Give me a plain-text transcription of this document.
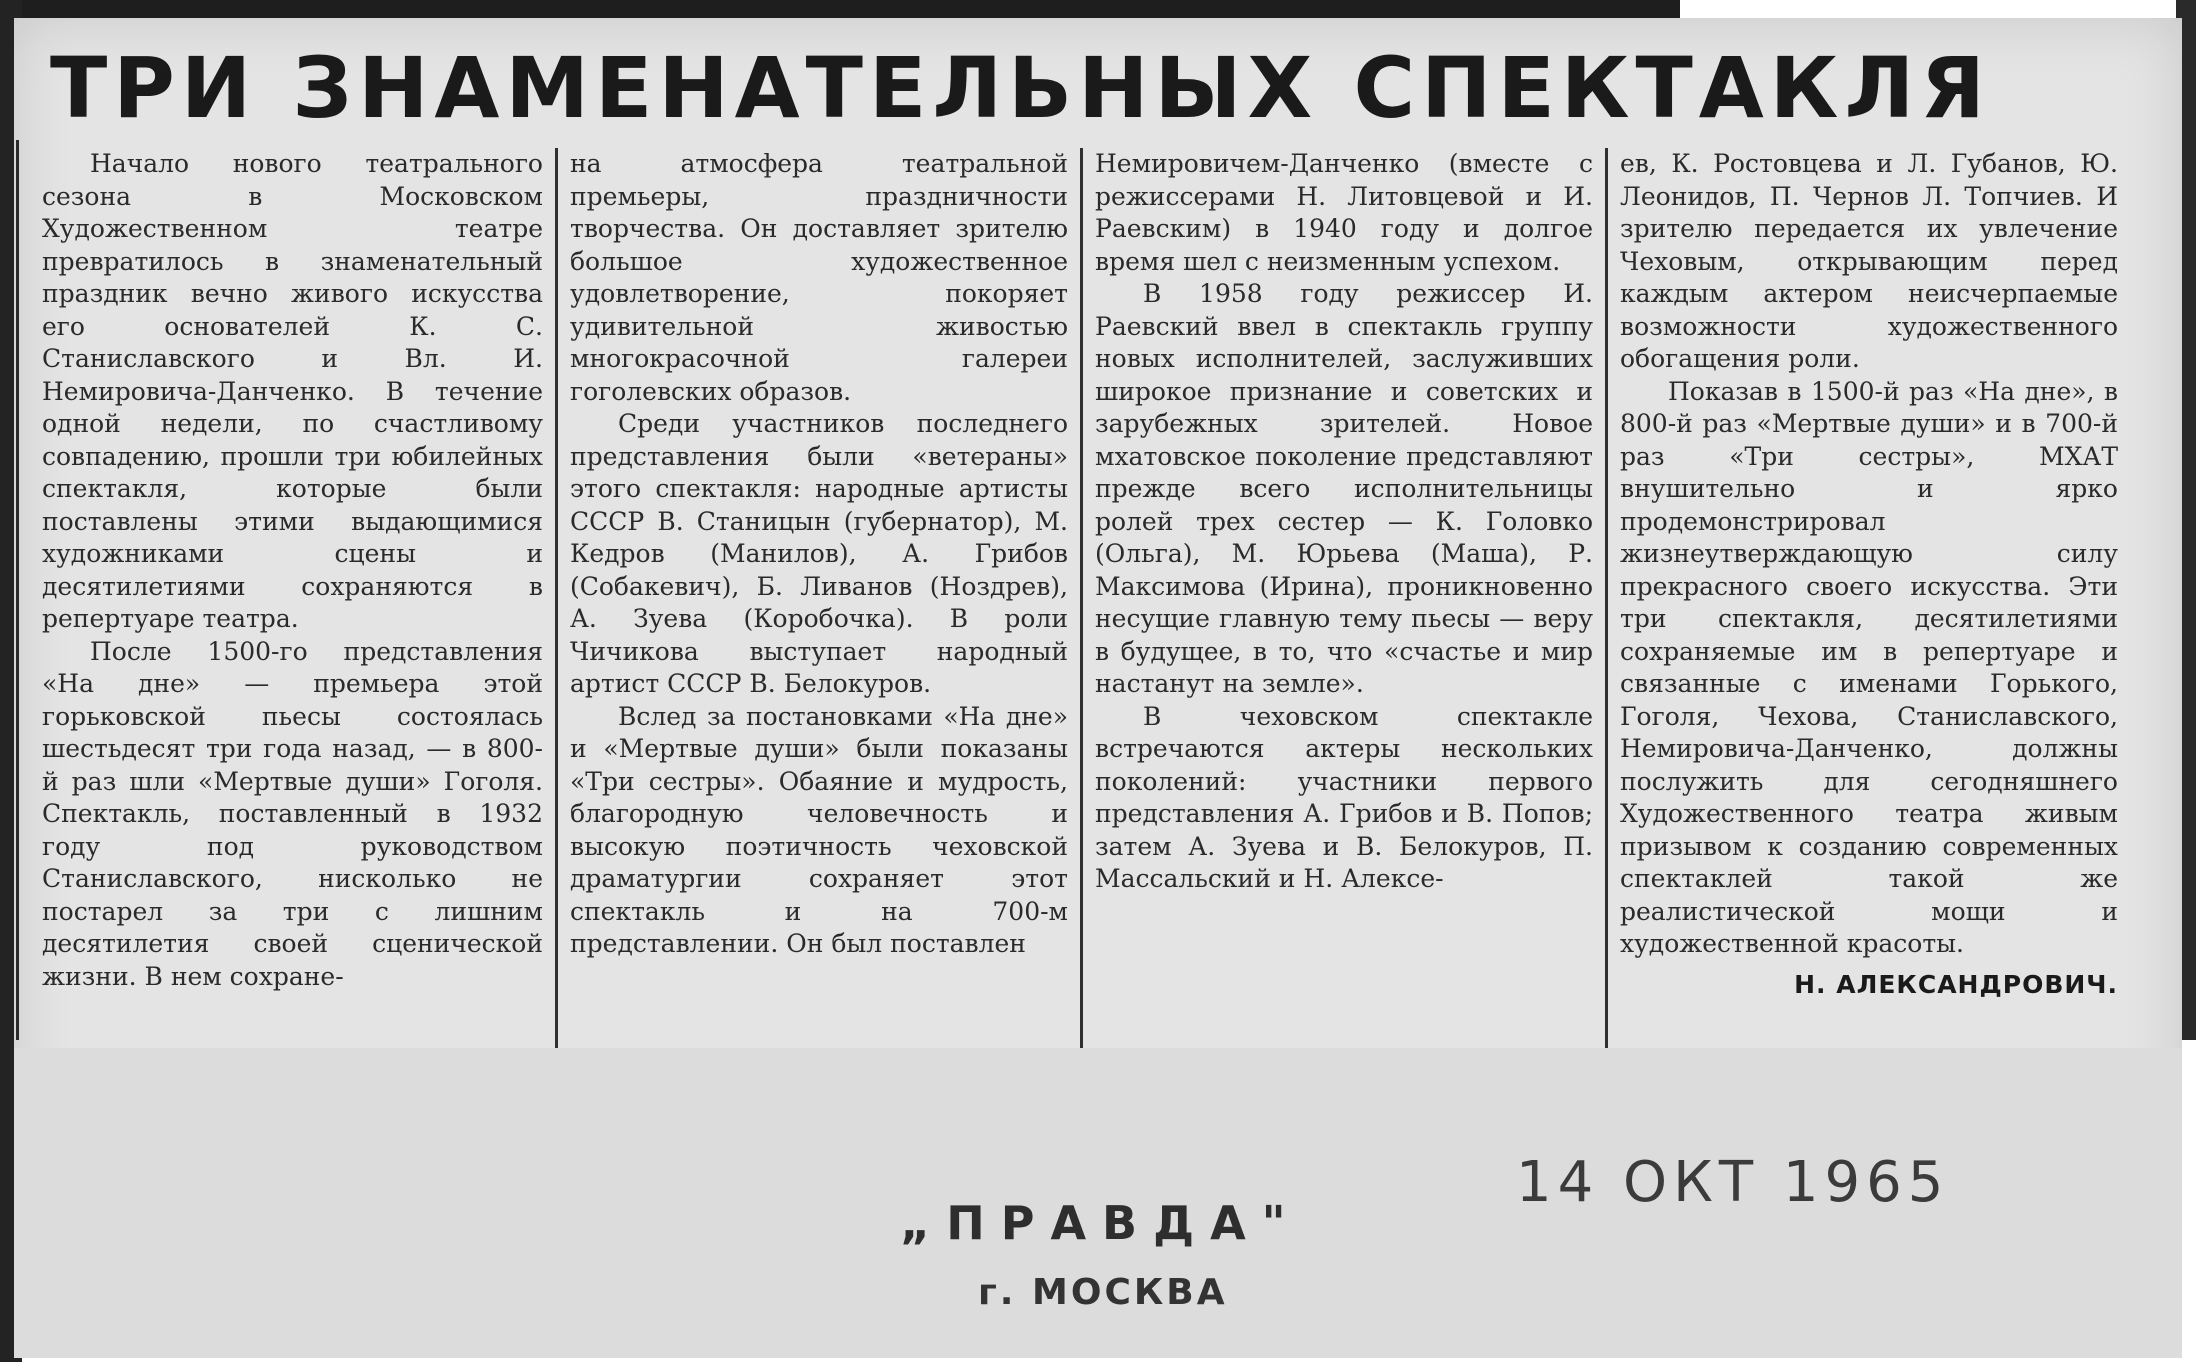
ТРИ ЗНАМЕНАТЕЛЬНЫХ СПЕКТАКЛЯ

Начало нового театрального сезона в Московском Художественном театре превратилось в знаменательный праздник вечно живого искусства его основателей К. С. Станиславского и Вл. И. Немировича-Данченко. В течение одной недели, по счастливому совпадению, прошли три юбилейных спектакля, которые были поставлены этими выдающимися художниками сцены и десятилетиями сохраняются в репертуаре театра.

После 1500-го представления «На дне» — премьера этой горьковской пьесы состоялась шестьдесят три года назад, — в 800-й раз шли «Мертвые души» Гоголя. Спектакль, поставленный в 1932 году под руководством Станиславского, нисколько не постарел за три с лишним десятилетия своей сценической жизни. В нем сохране-

на атмосфера театральной премьеры, праздничности творчества. Он доставляет зрителю большое художественное удовлетворение, покоряет удивительной живостью многокрасочной галереи гоголевских образов.

Среди участников последнего представления были «ветераны» этого спектакля: народные артисты СССР В. Станицын (губернатор), М. Кедров (Манилов), А. Грибов (Собакевич), Б. Ливанов (Ноздрев), А. Зуева (Коробочка). В роли Чичикова выступает народный артист СССР В. Белокуров.

Вслед за постановками «На дне» и «Мертвые души» были показаны «Три сестры». Обаяние и мудрость, благородную человечность и высокую поэтичность чеховской драматургии сохраняет этот спектакль и на 700-м представлении. Он был поставлен

Немировичем-Данченко (вместе с режиссерами Н. Литовцевой и И. Раевским) в 1940 году и долгое время шел с неизменным успехом.

В 1958 году режиссер И. Раевский ввел в спектакль группу новых исполнителей, заслуживших широкое признание и советских и зарубежных зрителей. Новое мхатовское поколение представляют прежде всего исполнительницы ролей трех сестер — К. Головко (Ольга), М. Юрьева (Маша), Р. Максимова (Ирина), проникновенно несущие главную тему пьесы — веру в будущее, в то, что «счастье и мир настанут на земле».

В чеховском спектакле встречаются актеры нескольких поколений: участники первого представления А. Грибов и В. Попов; затем А. Зуева и В. Белокуров, П. Массальский и Н. Алексе-

ев, К. Ростовцева и Л. Губанов, Ю. Леонидов, П. Чернов Л. Топчиев. И зрителю передается их увлечение Чеховым, открывающим перед каждым актером неисчерпаемые возможности художественного обогащения роли.

Показав в 1500-й раз «На дне», в 800-й раз «Мертвые души» и в 700-й раз «Три сестры», МХАТ внушительно и ярко продемонстрировал жизнеутверждающую силу прекрасного своего искусства. Эти три спектакля, десятилетиями сохраняемые им в репертуаре и связанные с именами Горького, Гоголя, Чехова, Станиславского, Немировича-Данченко, должны послужить для сегодняшнего Художественного театра живым призывом к созданию современных спектаклей такой же реалистической мощи и художественной красоты.

Н. АЛЕКСАНДРОВИЧ.
14 ОКТ 1965
„ПРАВДА"
г. МОСКВА
